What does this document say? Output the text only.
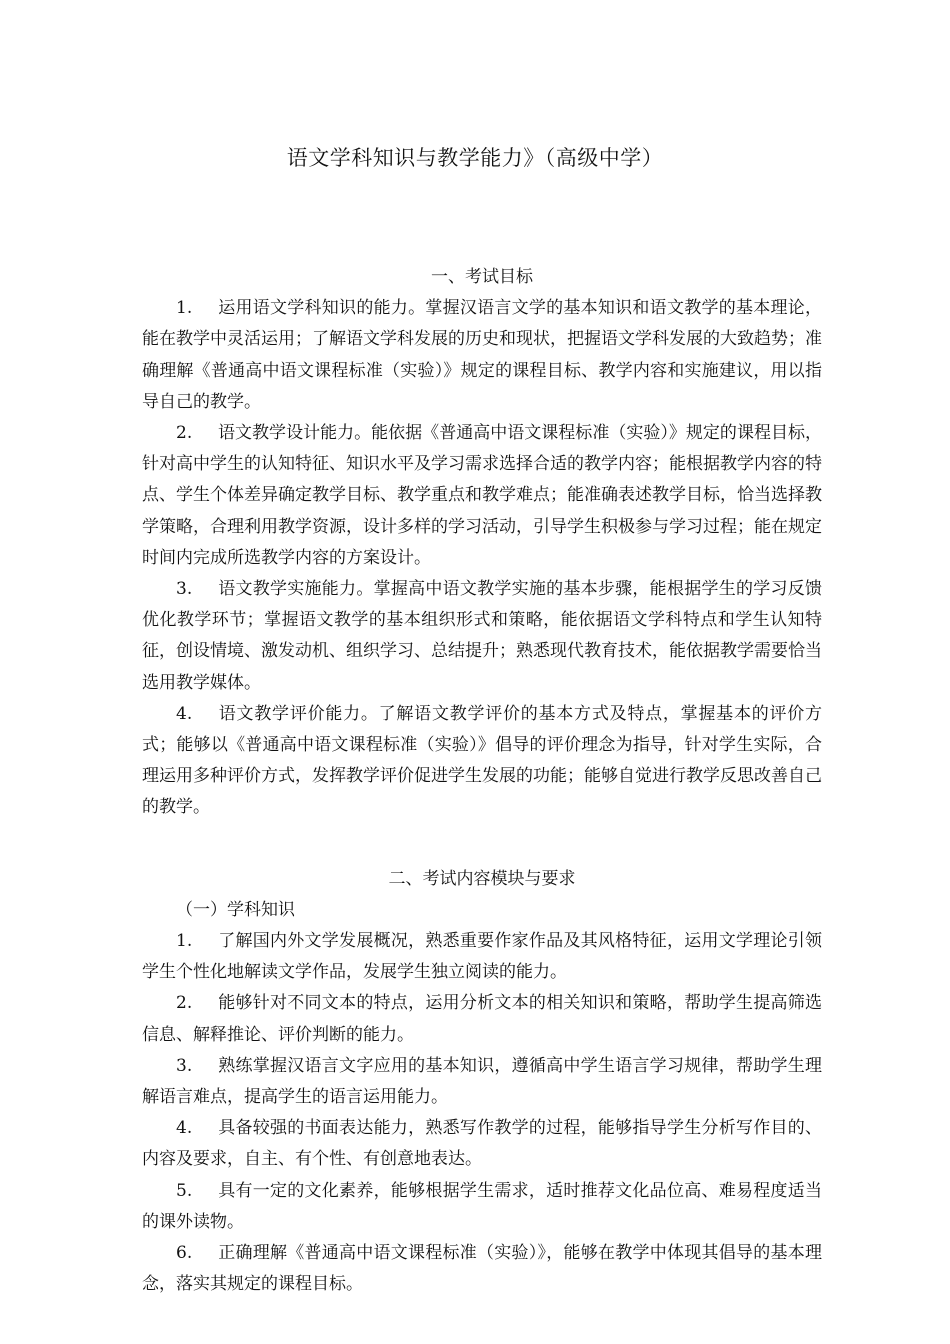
语文学科知识与教学能力》（高级中学）
一、考试目标

1. 运用语文学科知识的能力。掌握汉语言文学的基本知识和语文教学的基本理论，能在教学中灵活运用；了解语文学科发展的历史和现状，把握语文学科发展的大致趋势；准确理解《普通高中语文课程标准（实验）》规定的课程目标、教学内容和实施建议，用以指导自己的教学。

2. 语文教学设计能力。能依据《普通高中语文课程标准（实验）》规定的课程目标，针对高中学生的认知特征、知识水平及学习需求选择合适的教学内容；能根据教学内容的特点、学生个体差异确定教学目标、教学重点和教学难点；能准确表述教学目标，恰当选择教学策略，合理利用教学资源，设计多样的学习活动，引导学生积极参与学习过程；能在规定时间内完成所选教学内容的方案设计。

3. 语文教学实施能力。掌握高中语文教学实施的基本步骤，能根据学生的学习反馈优化教学环节；掌握语文教学的基本组织形式和策略，能依据语文学科特点和学生认知特征，创设情境、激发动机、组织学习、总结提升；熟悉现代教育技术，能依据教学需要恰当选用教学媒体。

4. 语文教学评价能力。了解语文教学评价的基本方式及特点，掌握基本的评价方式；能够以《普通高中语文课程标准（实验）》倡导的评价理念为指导，针对学生实际，合理运用多种评价方式，发挥教学评价促进学生发展的功能；能够自觉进行教学反思改善自己的教学。

二、考试内容模块与要求

（一）学科知识

1. 了解国内外文学发展概况，熟悉重要作家作品及其风格特征，运用文学理论引领学生个性化地解读文学作品，发展学生独立阅读的能力。

2. 能够针对不同文本的特点，运用分析文本的相关知识和策略，帮助学生提高筛选信息、解释推论、评价判断的能力。

3. 熟练掌握汉语言文字应用的基本知识，遵循高中学生语言学习规律，帮助学生理解语言难点，提高学生的语言运用能力。

4. 具备较强的书面表达能力，熟悉写作教学的过程，能够指导学生分析写作目的、内容及要求，自主、有个性、有创意地表达。

5. 具有一定的文化素养，能够根据学生需求，适时推荐文化品位高、难易程度适当的课外读物。

6. 正确理解《普通高中语文课程标准（实验）》，能够在教学中体现其倡导的基本理念，落实其规定的课程目标。
